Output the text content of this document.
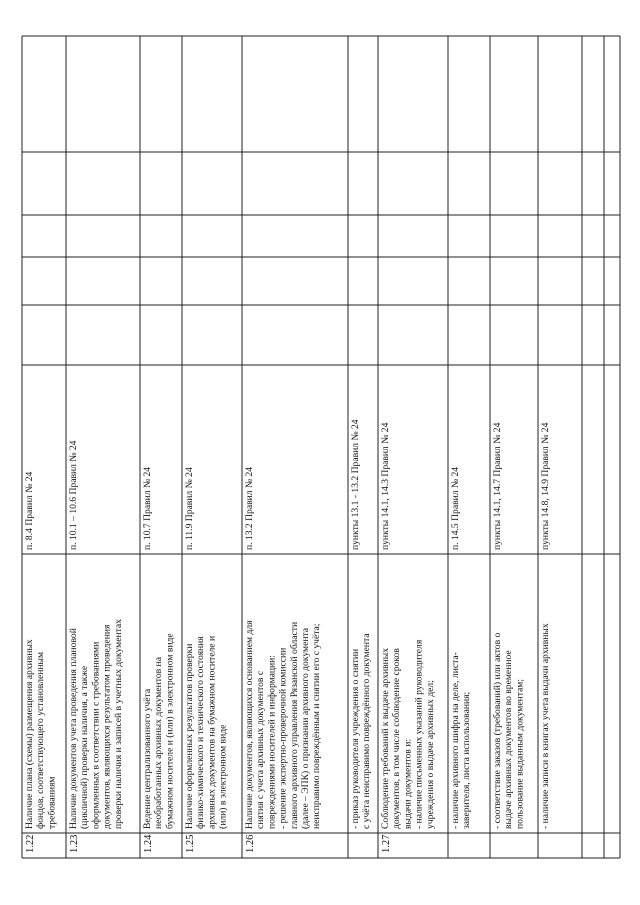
1.22
Наличие плана (схемы) размещения архивных фондов, соответствующего установленным требованиям
п. 8.4 Правил № 24
1.23
Наличие документов учета проведения плановой (цикличной) проверки наличия, а также оформленных в соответствии с требованиями документов, являющихся результатом проведения проверки наличия и записей в учетных документах
п. 10.1 – 10.6 Правил № 24
1.24
Ведение централизованного учёта необработанных архивных документов на бумажном носителе и (или) в электронном виде
п. 10.7 Правил № 24
1.25
Наличие оформленных результатов проверки физико-химического и технического состояния архивных документов на бумажном носителе и (или) в электронном виде
п. 11.9 Правил № 24
1.26
Наличие документов, являющихся основанием для снятия с учета архивных документов с повреждениями носителей и информации: - решение экспертно-проверочной комиссии главного архивного управления Рязанской области (далее – ЭПК) о признании архивного документа неисправимо повреждённым и снятии его с учёта;
п. 13.2 Правил № 24
- приказ руководителя учреждения о снятии с учёта неисправимо повреждённого документа
пункты 13.1 - 13.2 Правил № 24
1.27
Соблюдение требований к выдаче архивных документов, в том числе соблюдение сроков выдачи документов и: - наличие письменных указаний руководителя учреждения о выдаче архивных дел;
пункты 14.1, 14.3 Правил № 24
- наличие архивного шифра на деле, листа- заверителя, листа использования;
п. 14.5 Правил № 24
- соответствие заказов (требований) или актов о выдаче архивных документов во временное пользование выданным документам;
пункты 14.1, 14.7 Правил № 24
- наличие записи в книгах учета выдачи архивных
пункты 14.8, 14.9 Правил № 24
